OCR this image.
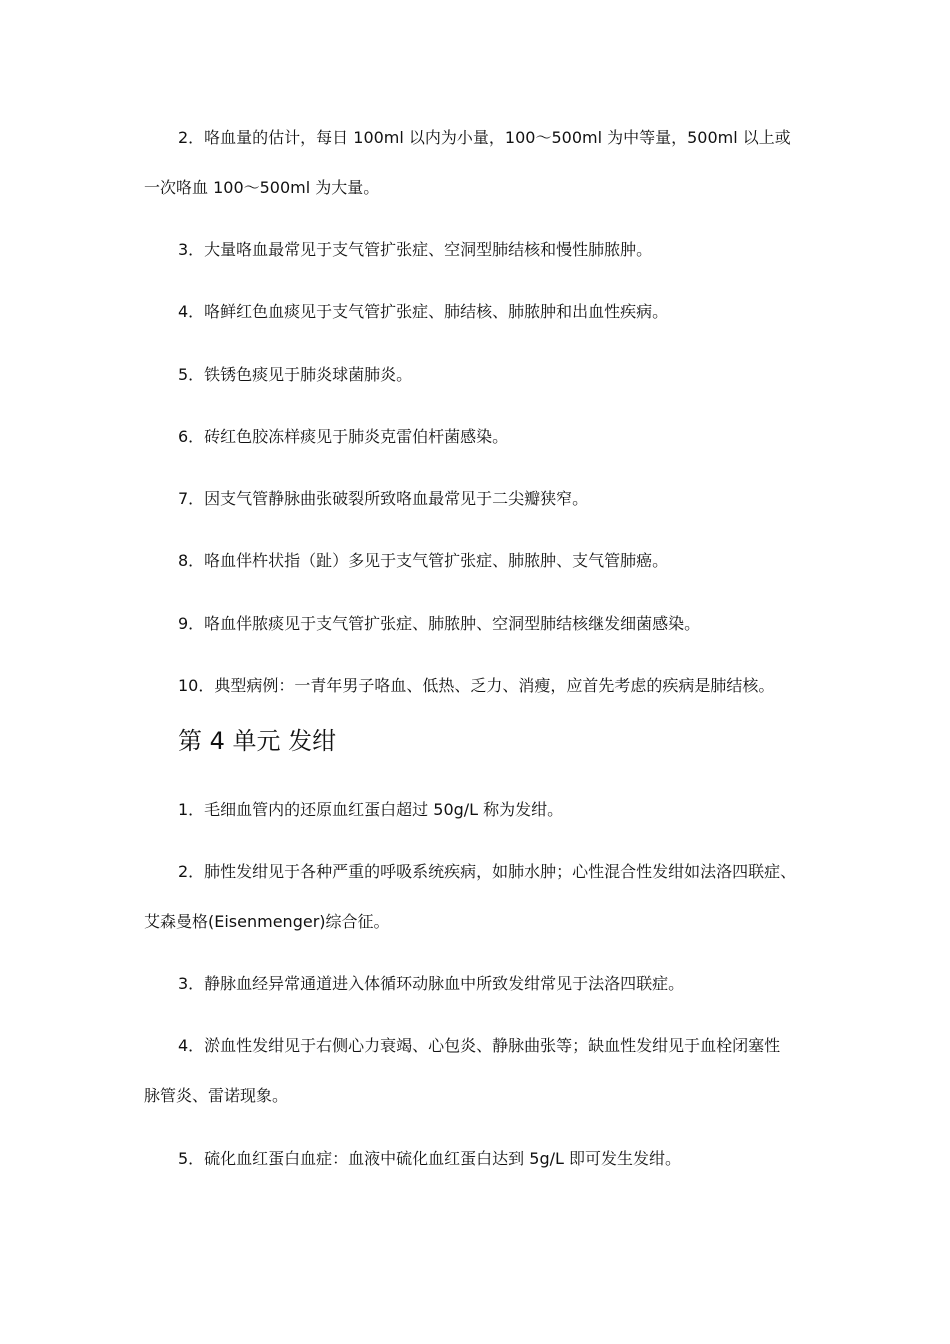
2．咯血量的估计，每日 100ml 以内为小量，100～500ml 为中等量，500ml 以上或
一次咯血 100～500ml 为大量。
3．大量咯血最常见于支气管扩张症、空洞型肺结核和慢性肺脓肿。
4．咯鲜红色血痰见于支气管扩张症、肺结核、肺脓肿和出血性疾病。
5．铁锈色痰见于肺炎球菌肺炎。
6．砖红色胶冻样痰见于肺炎克雷伯杆菌感染。
7．因支气管静脉曲张破裂所致咯血最常见于二尖瓣狭窄。
8．咯血伴杵状指（趾）多见于支气管扩张症、肺脓肿、支气管肺癌。
9．咯血伴脓痰见于支气管扩张症、肺脓肿、空洞型肺结核继发细菌感染。
10．典型病例：一青年男子咯血、低热、乏力、消瘦，应首先考虑的疾病是肺结核。
第 4 单元 发绀
1．毛细血管内的还原血红蛋白超过 50g/L 称为发绀。
2．肺性发绀见于各种严重的呼吸系统疾病，如肺水肿；心性混合性发绀如法洛四联症、
艾森曼格(Eisenmenger)综合征。
3．静脉血经异常通道进入体循环动脉血中所致发绀常见于法洛四联症。
4．淤血性发绀见于右侧心力衰竭、心包炎、静脉曲张等；缺血性发绀见于血栓闭塞性
脉管炎、雷诺现象。
5．硫化血红蛋白血症：血液中硫化血红蛋白达到 5g/L 即可发生发绀。
